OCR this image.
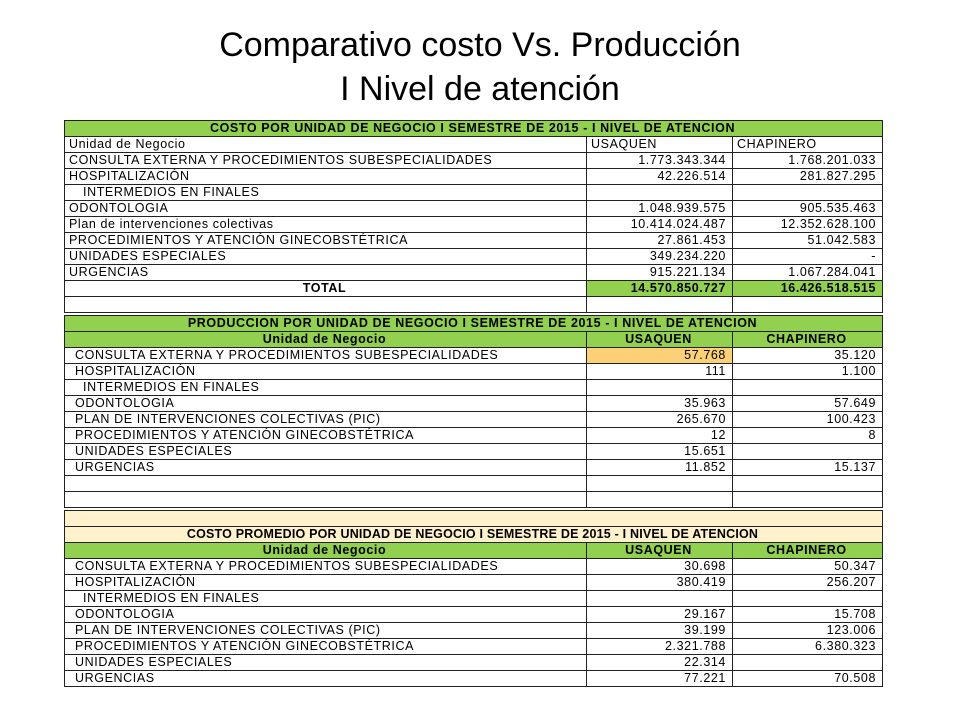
Comparativo costo Vs. Producción
I Nivel de atención
COSTO POR UNIDAD DE NEGOCIO I SEMESTRE DE 2015 - I NIVEL DE ATENCION		
Unidad de Negocio	USAQUEN	CHAPINERO
CONSULTA EXTERNA Y PROCEDIMIENTOS SUBESPECIALIDADES	1.773.343.344	1.768.201.033
HOSPITALIZACIÓN	42.226.514	281.827.295
INTERMEDIOS EN FINALES		
ODONTOLOGIA	1.048.939.575	905.535.463
Plan de intervenciones colectivas	10.414.024.487	12.352.628.100
PROCEDIMIENTOS Y ATENCIÓN GINECOBSTÉTRICA	27.861.453	51.042.583
UNIDADES ESPECIALES	349.234.220	-
URGENCIAS	915.221.134	1.067.284.041
TOTAL	14.570.850.727	16.426.518.515

PRODUCCION POR UNIDAD DE NEGOCIO I SEMESTRE DE 2015 - I NIVEL DE ATENCION		
Unidad de Negocio	USAQUEN	CHAPINERO
CONSULTA EXTERNA Y PROCEDIMIENTOS SUBESPECIALIDADES	57.768	35.120
HOSPITALIZACIÓN	111	1.100
INTERMEDIOS EN FINALES		
ODONTOLOGIA	35.963	57.649
PLAN DE INTERVENCIONES COLECTIVAS (PIC)	265.670	100.423
PROCEDIMIENTOS Y ATENCIÓN GINECOBSTÉTRICA	12	8
UNIDADES ESPECIALES	15.651	
URGENCIAS	11.852	15.137

COSTO PROMEDIO POR UNIDAD DE NEGOCIO I SEMESTRE DE 2015 - I NIVEL DE ATENCION		
Unidad de Negocio	USAQUEN	CHAPINERO
CONSULTA EXTERNA Y PROCEDIMIENTOS SUBESPECIALIDADES	30.698	50.347
HOSPITALIZACIÓN	380.419	256.207
INTERMEDIOS EN FINALES		
ODONTOLOGIA	29.167	15.708
PLAN DE INTERVENCIONES COLECTIVAS (PIC)	39.199	123.006
PROCEDIMIENTOS Y ATENCIÓN GINECOBSTÉTRICA	2.321.788	6.380.323
UNIDADES ESPECIALES	22.314	
URGENCIAS	77.221	70.508
